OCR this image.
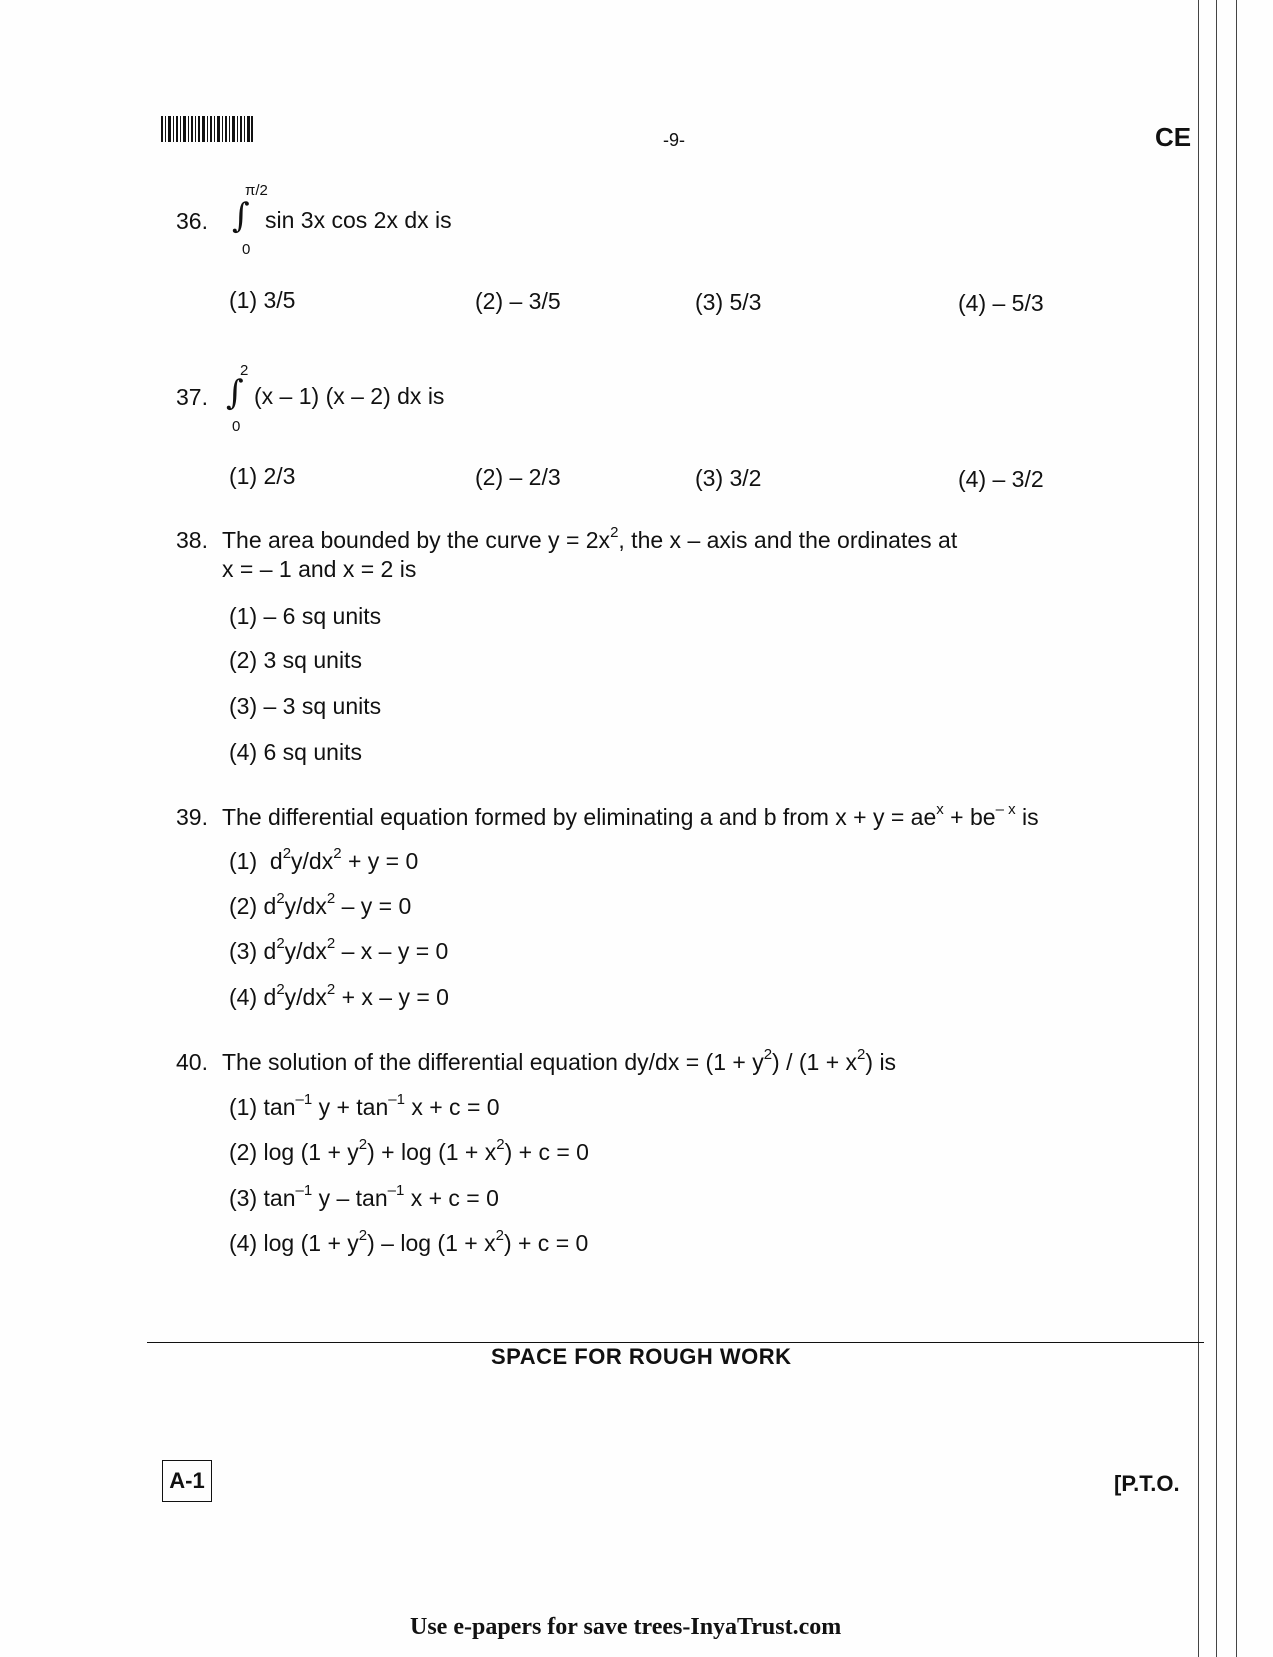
-9-	CE
36.
π/2
∫
0
sin 3x cos 2x dx is
(1) 3/5	(2) – 3/5	(3) 5/3	(4) – 5/3
37.
2
∫
0
(x – 1) (x – 2) dx is
(1) 2/3	(2) – 2/3	(3) 3/2	(4) – 3/2
38. The area bounded by the curve $y = 2x^2$, the x – axis and the ordinates at
x = – 1 and x = 2 is
(1) – 6 sq units
(2) 3 sq units
(3) – 3 sq units
(4) 6 sq units
39. The differential equation formed by eliminating a and b from $x + y = ae^x + be^{- x}$ is
(1) $d^2y/dx^2 + y = 0$
(2) $d^2y/dx^2 - y = 0$
(3) $d^2y/dx^2 - x - y = 0$
(4) $d^2y/dx^2 + x - y = 0$
40. The solution of the differential equation $dy/dx = (1 + y^2) / (1 + x^2)$ is
(1) $\tan^{-1} y + \tan^{-1} x + c = 0$
(2) $\log (1 + y^2) + \log (1 + x^2) + c = 0$
(3) $\tan^{-1} y - \tan^{-1} x + c = 0$
(4) $\log (1 + y^2) - \log (1 + x^2) + c = 0$
SPACE FOR ROUGH WORK
A-1	[P.T.O.
Use e-papers for save trees-InyaTrust.com
